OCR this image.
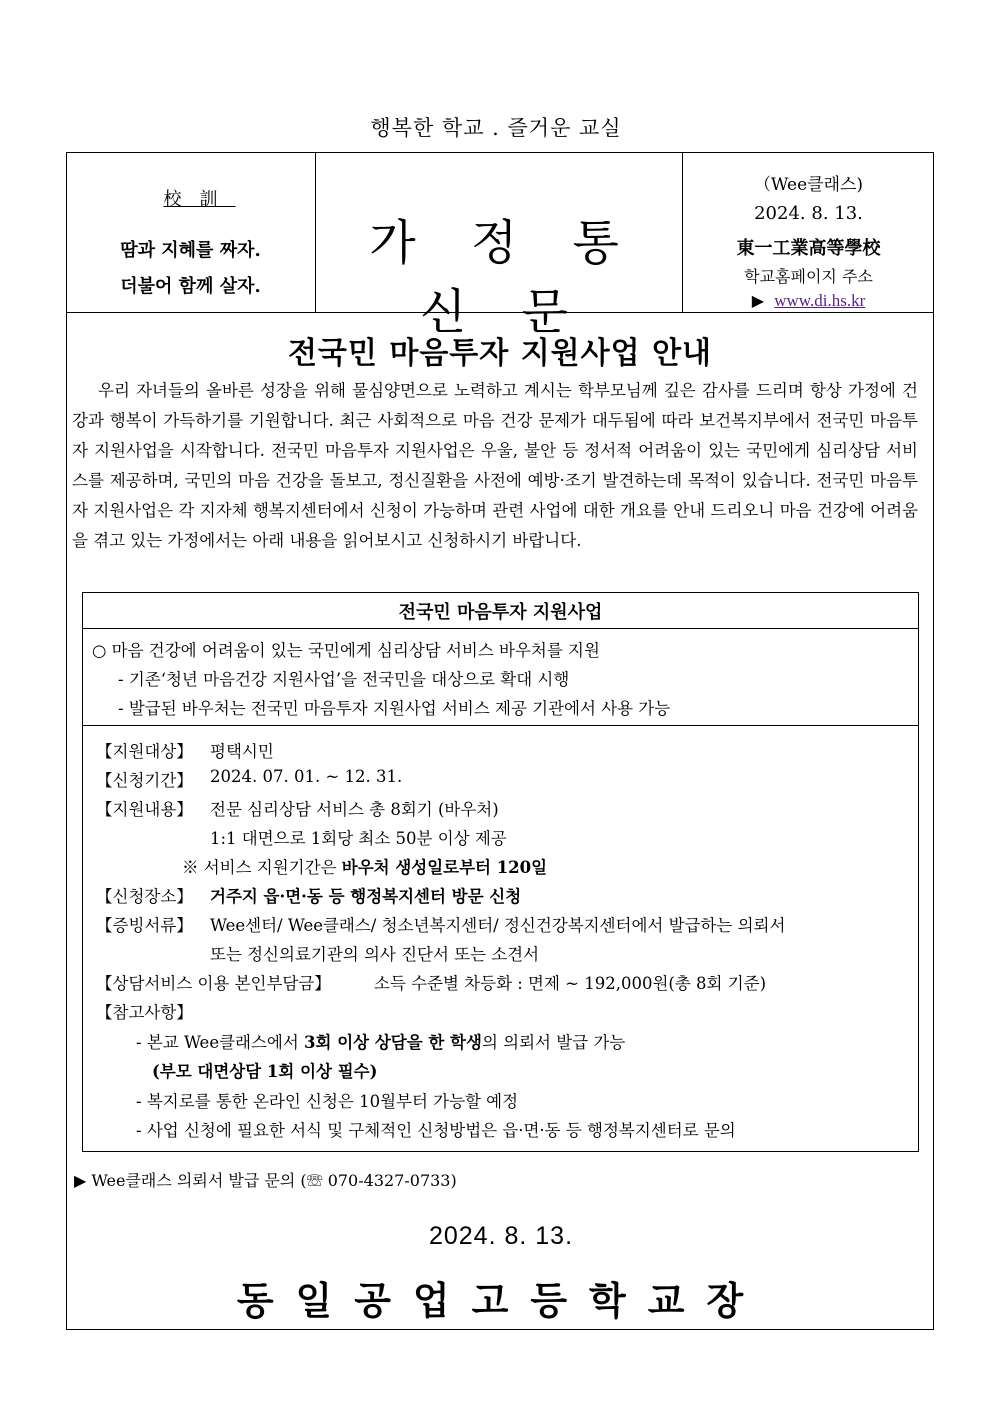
행복한 학교 . 즐거운 교실
校訓
땀과 지혜를 짜자.
더불어 함께 살자.
가 정 통 신 문
（Wee클래스)
2024. 8. 13.
東一工業高等學校
학교홈페이지 주소
▶ www.di.hs.kr
전국민 마음투자 지원사업 안내
우리 자녀들의 올바른 성장을 위해 물심양면으로 노력하고 계시는 학부모님께 깊은 감사를 드리며 항상 가정에 건강과 행복이 가득하기를 기원합니다. 최근 사회적으로 마음 건강 문제가 대두됨에 따라 보건복지부에서 전국민 마음투자 지원사업을 시작합니다. 전국민 마음투자 지원사업은 우울, 불안 등 정서적 어려움이 있는 국민에게 심리상담 서비스를 제공하며, 국민의 마음 건강을 돌보고, 정신질환을 사전에 예방·조기 발견하는데 목적이 있습니다. 전국민 마음투자 지원사업은 각 지자체 행복지센터에서 신청이 가능하며 관련 사업에 대한 개요를 안내 드리오니 마음 건강에 어려움을 겪고 있는 가정에서는 아래 내용을 읽어보시고 신청하시기 바랍니다.
전국민 마음투자 지원사업
○ 마음 건강에 어려움이 있는 국민에게 심리상담 서비스 바우처를 지원
- 기존‘청년 마음건강 지원사업’을 전국민을 대상으로 확대 시행
- 발급된 바우처는 전국민 마음투자 지원사업 서비스 제공 기관에서 사용 가능
【지원대상】 평택시민
【신청기간】 2024. 07. 01. ~ 12. 31.
【지원내용】 전문 심리상담 서비스 총 8회기 (바우처)
1:1 대면으로 1회당 최소 50분 이상 제공
※ 서비스 지원기간은 바우처 생성일로부터 120일
【신청장소】 거주지 읍·면·동 등 행정복지센터 방문 신청
【증빙서류】 Wee센터/ Wee클래스/ 청소년복지센터/ 정신건강복지센터에서 발급하는 의뢰서
또는 정신의료기관의 의사 진단서 또는 소견서
【상담서비스 이용 본인부담금】	소득 수준별 차등화 : 면제 ~ 192,000원(총 8회 기준)
【참고사항】
- 본교 Wee클래스에서 3회 이상 상담을 한 학생의 의뢰서 발급 가능
(부모 대면상담 1회 이상 필수)
- 복지로를 통한 온라인 신청은 10월부터 가능할 예정
- 사업 신청에 필요한 서식 및 구체적인 신청방법은 읍·면·동 등 행정복지센터로 문의
▶ Wee클래스 의뢰서 발급 문의 (☏ 070-4327-0733)
2024. 8. 13.
동일공업고등학교장
